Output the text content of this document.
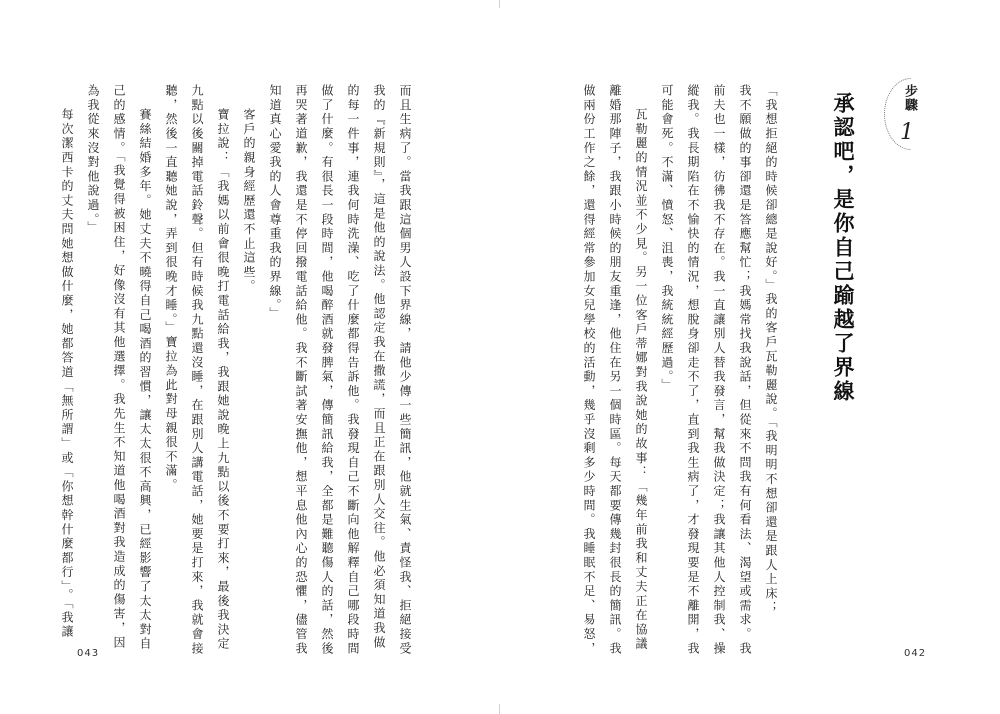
而且生病了。當我跟這個男人設下界線，請他少傳一些簡訊，他就生氣、責怪我、拒絕接受
我的『新規則』，這是他的說法。他認定我在撒謊，而且正在跟別人交往。他必須知道我做
的每一件事，連我何時洗澡、吃了什麼都得告訴他。我發現自己不斷向他解釋自己哪段時間
做了什麼。有很長一段時間，他喝醉酒就發脾氣，傳簡訊給我，全都是難聽傷人的話，然後
再哭著道歉，我還是不停回撥電話給他。我不斷試著安撫他，想平息他內心的恐懼，儘管我
知道真心愛我的人會尊重我的界線。」
客戶的親身經歷還不止這些。
寶拉說：「我媽以前會很晚打電話給我，我跟她說晚上九點以後不要打來，最後我決定
九點以後關掉電話鈴聲。但有時候我九點還沒睡，在跟別人講電話，她要是打來，我就會接
聽，然後一直聽她說，弄到很晚才睡。」寶拉為此對母親很不滿。
賽絲結婚多年。她丈夫不曉得自己喝酒的習慣，讓太太很不高興，已經影響了太太對自
己的感情。「我覺得被困住，好像沒有其他選擇。我先生不知道他喝酒對我造成的傷害，因
為我從來沒對他說過。」
每次潔西卡的丈夫問她想做什麼，她都答道「無所謂」或「你想幹什麼都行」。「我讓
043
步驟
1
承認吧，是你自己踰越了界線
「我想拒絕的時候卻總是說好。」我的客戶瓦勒麗說。「我明明不想卻還是跟人上床；
我不願做的事卻還是答應幫忙；我媽常找我說話，但從來不問我有何看法、渴望或需求。我
前夫也一樣，彷彿我不存在。我一直讓別人替我發言，幫我做決定；我讓其他人控制我、操
縱我。我長期陷在不愉快的情況，想脫身卻走不了，直到我生病了，才發現要是不離開，我
可能會死。不滿、憤怒、沮喪，我統統經歷過。」
瓦勒麗的情況並不少見。另一位客戶蒂娜對我說她的故事：「幾年前我和丈夫正在協議
離婚那陣子，我跟小時候的朋友重逢，他住在另一個時區。每天都要傳幾封很長的簡訊。我
做兩份工作之餘，還得經常參加女兒學校的活動，幾乎沒剩多少時間。我睡眠不足、易怒，	042
